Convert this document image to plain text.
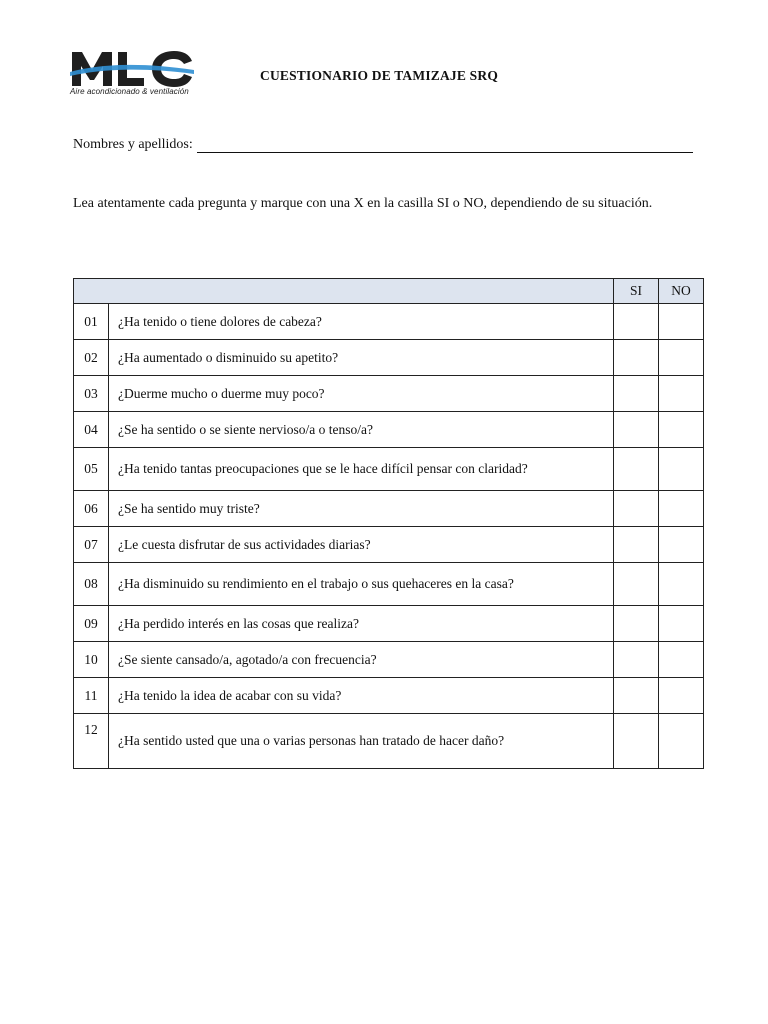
Aire acondicionado & ventilación
CUESTIONARIO DE TAMIZAJE SRQ
Nombres y apellidos:
Lea atentamente cada pregunta y marque con una X en la casilla SI o NO, dependiendo de su situación.
		SI	NO
01	¿Ha tenido o tiene dolores de cabeza?		
02	¿Ha aumentado o disminuido su apetito?		
03	¿Duerme mucho o duerme muy poco?		
04	¿Se ha sentido o se siente nervioso/a o tenso/a?		
05	¿Ha tenido tantas preocupaciones que se le hace difícil pensar con claridad?		
06	¿Se ha sentido muy triste?		
07	¿Le cuesta disfrutar de sus actividades diarias?		
08	¿Ha disminuido su rendimiento en el trabajo o sus quehaceres en la casa?		
09	¿Ha perdido interés en las cosas que realiza?		
10	¿Se siente cansado/a, agotado/a con frecuencia?		
11	¿Ha tenido la idea de acabar con su vida?		
12	¿Ha sentido usted que una o varias personas han tratado de hacer daño?		
